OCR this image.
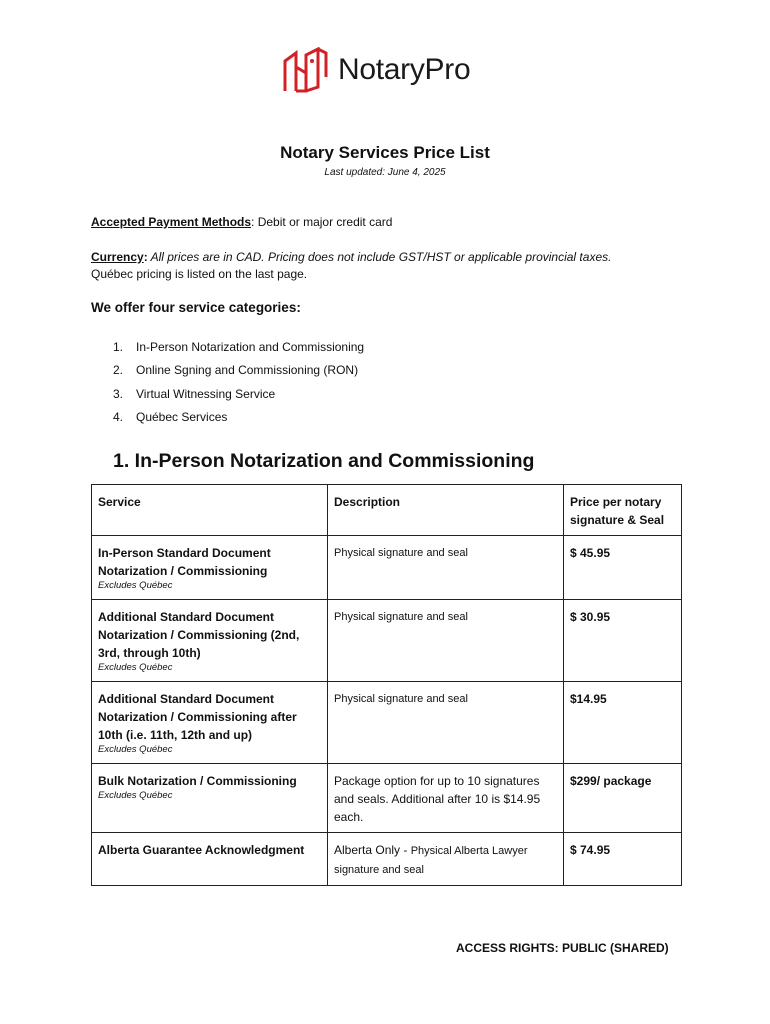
NotaryPro
Notary Services Price List
Last updated: June 4, 2025
Accepted Payment Methods: Debit or major credit card
Currency: All prices are in CAD. Pricing does not include GST/HST or applicable provincial taxes.
Québec pricing is listed on the last page.
We offer four service categories:
1.	In-Person Notarization and Commissioning
2.	Online Sgning and Commissioning (RON)
3.	Virtual Witnessing Service
4.	Québec Services
1. In-Person Notarization and Commissioning
Service	Description	Price per notary signature & Seal

In-Person Standard Document Notarization / Commissioning
Excludes Québec	Physical signature and seal	$ 45.95

Additional Standard Document Notarization / Commissioning (2nd, 3rd, through 10th)
Excludes Québec	Physical signature and seal	$ 30.95

Additional Standard Document Notarization / Commissioning after 10th (i.e. 11th, 12th and up)
Excludes Québec	Physical signature and seal	$14.95

Bulk Notarization / Commissioning
Excludes Québec	Package option for up to 10 signatures and seals. Additional after 10 is $14.95 each.	$299/ package

Alberta Guarantee Acknowledgment	Alberta Only - Physical Alberta Lawyer signature and seal	$ 74.95
ACCESS RIGHTS: PUBLIC (SHARED)
